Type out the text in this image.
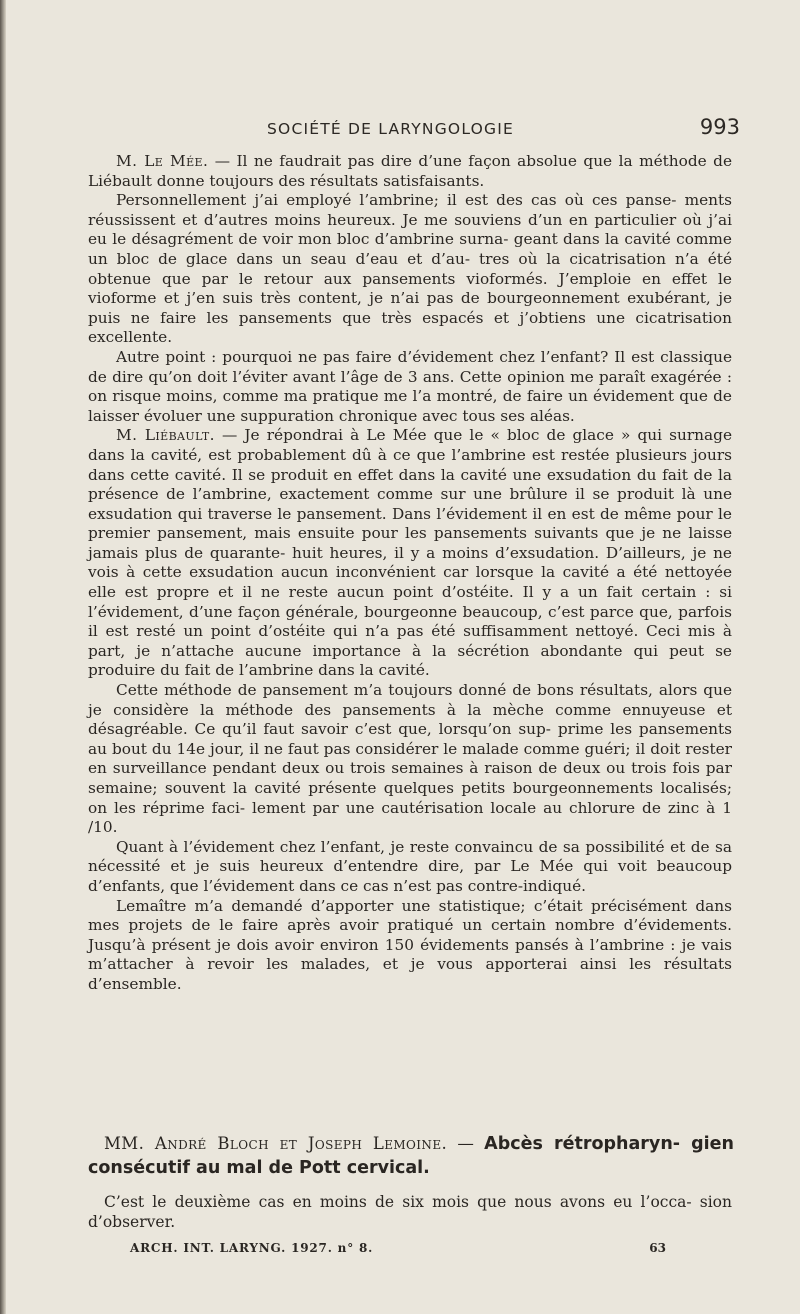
SOCIÉTÉ DE LARYNGOLOGIE	993

M. Le Mée. — Il ne faudrait pas dire d’une façon absolue que la méthode de Liébault donne toujours des résultats satisfaisants.

Personnellement j’ai employé l’ambrine; il est des cas où ces panse- ments réussissent et d’autres moins heureux. Je me souviens d’un en particulier où j’ai eu le désagrément de voir mon bloc d’ambrine surna- geant dans la cavité comme un bloc de glace dans un seau d’eau et d’au- tres où la cicatrisation n’a été obtenue que par le retour aux pansements vioformés. J’emploie en effet le vioforme et j’en suis très content, je n’ai pas de bourgeonnement exubérant, je puis ne faire les pansements que très espacés et j’obtiens une cicatrisation excellente.

Autre point : pourquoi ne pas faire d’évidement chez l’enfant? Il est classique de dire qu’on doit l’éviter avant l’âge de 3 ans. Cette opinion me paraît exagérée : on risque moins, comme ma pratique me l’a montré, de faire un évidement que de laisser évoluer une suppuration chronique avec tous ses aléas.

M. Liébault. — Je répondrai à Le Mée que le « bloc de glace » qui surnage dans la cavité, est probablement dû à ce que l’ambrine est restée plusieurs jours dans cette cavité. Il se produit en effet dans la cavité une exsudation du fait de la présence de l’ambrine, exactement comme sur une brûlure il se produit là une exsudation qui traverse le pansement. Dans l’évidement il en est de même pour le premier pansement, mais ensuite pour les pansements suivants que je ne laisse jamais plus de quarante- huit heures, il y a moins d’exsudation. D’ailleurs, je ne vois à cette exsudation aucun inconvénient car lorsque la cavité a été nettoyée elle est propre et il ne reste aucun point d’ostéite. Il y a un fait certain : si l’évidement, d’une façon générale, bourgeonne beaucoup, c’est parce que, parfois il est resté un point d’ostéite qui n’a pas été suffisamment nettoyé. Ceci mis à part, je n’attache aucune importance à la sécrétion abondante qui peut se produire du fait de l’ambrine dans la cavité.

Cette méthode de pansement m’a toujours donné de bons résultats, alors que je considère la méthode des pansements à la mèche comme ennuyeuse et désagréable. Ce qu’il faut savoir c’est que, lorsqu’on sup- prime les pansements au bout du 14e jour, il ne faut pas considérer le malade comme guéri; il doit rester en surveillance pendant deux ou trois semaines à raison de deux ou trois fois par semaine; souvent la cavité présente quelques petits bourgeonnements localisés; on les réprime faci- lement par une cautérisation locale au chlorure de zinc à 1 /10.

Quant à l’évidement chez l’enfant, je reste convaincu de sa possibilité et de sa nécessité et je suis heureux d’entendre dire, par Le Mée qui voit beaucoup d’enfants, que l’évidement dans ce cas n’est pas contre-indiqué.

Lemaître m’a demandé d’apporter une statistique; c’était précisément dans mes projets de le faire après avoir pratiqué un certain nombre d’évidements. Jusqu’à présent je dois avoir environ 150 évidements pansés à l’ambrine : je vais m’attacher à revoir les malades, et je vous apporterai ainsi les résultats d’ensemble.

MM. André Bloch et Joseph Lemoine. — Abcès rétropharyn- gien consécutif au mal de Pott cervical.
C’est le deuxième cas en moins de six mois que nous avons eu l’occa- sion d’observer.
ARCH. INT. LARYNG. 1927. n° 8.	63
